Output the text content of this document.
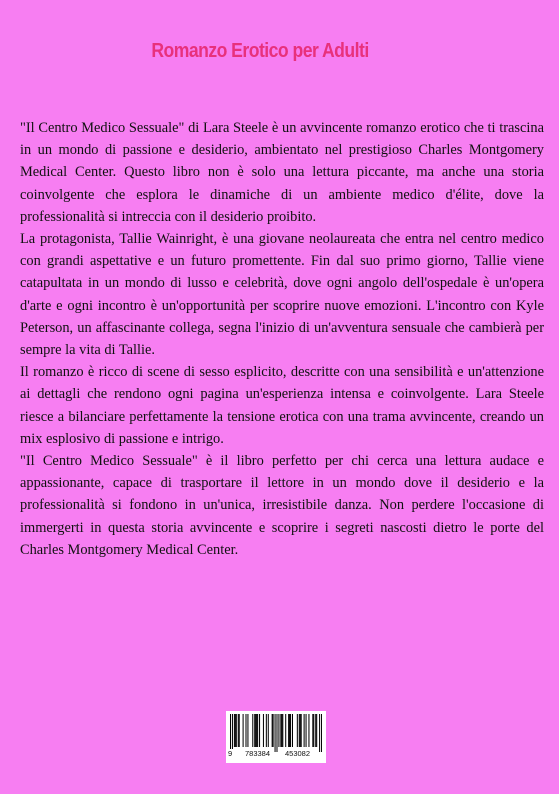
Romanzo Erotico per Adulti

"Il Centro Medico Sessuale" di Lara Steele è un avvincente romanzo erotico che ti trascina in un mondo di passione e desiderio, ambientato nel prestigioso Charles Montgomery Medical Center. Questo libro non è solo una lettura piccante, ma anche una storia coinvolgente che esplora le dinamiche di un ambiente medico d'élite, dove la professionalità si intreccia con il desiderio proibito.

La protagonista, Tallie Wainright, è una giovane neolaureata che entra nel centro medico con grandi aspettative e un futuro promettente. Fin dal suo primo giorno, Tallie viene catapultata in un mondo di lusso e celebrità, dove ogni angolo dell'ospedale è un'opera d'arte e ogni incontro è un'opportunità per scoprire nuove emozioni. L'incontro con Kyle Peterson, un affascinante collega, segna l'inizio di un'avventura sensuale che cambierà per sempre la vita di Tallie.

Il romanzo è ricco di scene di sesso esplicito, descritte con una sensibilità e un'attenzione ai dettagli che rendono ogni pagina un'esperienza intensa e coinvolgente. Lara Steele riesce a bilanciare perfettamente la tensione erotica con una trama avvincente, creando un mix esplosivo di passione e intrigo.

"Il Centro Medico Sessuale" è il libro perfetto per chi cerca una lettura audace e appassionante, capace di trasportare il lettore in un mondo dove il desiderio e la professionalità si fondono in un'unica, irresistibile danza. Non perdere l'occasione di immergerti in questa storia avvincente e scoprire i segreti nascosti dietro le porte del Charles Montgomery Medical Center.

9 783384 453082
